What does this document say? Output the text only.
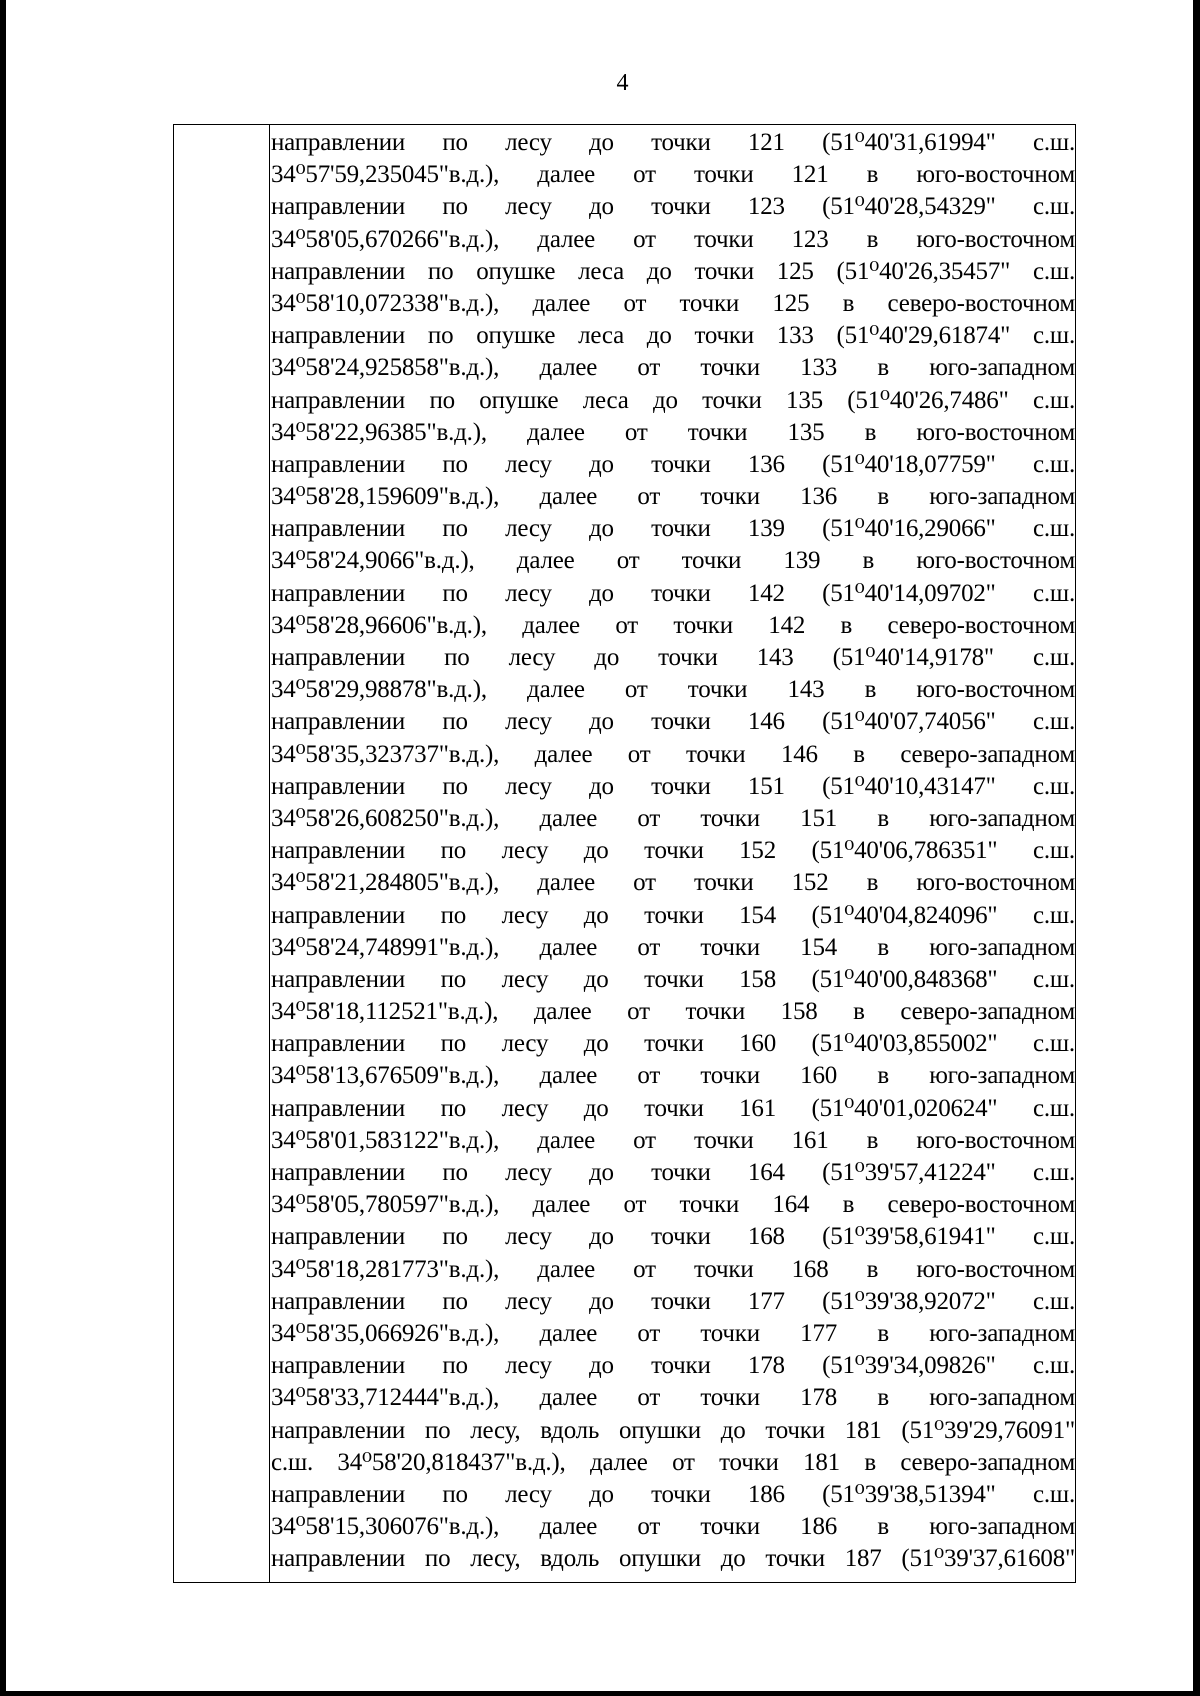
4
направлении по лесу до точки 121 (51⁰40'31,61994" с.ш.
34⁰57'59,235045"в.д.), далее от точки 121 в юго-восточном
направлении по лесу до точки 123 (51⁰40'28,54329" с.ш.
34⁰58'05,670266"в.д.), далее от точки 123 в юго-восточном
направлении по опушке леса до точки 125 (51⁰40'26,35457" с.ш.
34⁰58'10,072338"в.д.), далее от точки 125 в северо-восточном
направлении по опушке леса до точки 133 (51⁰40'29,61874" с.ш.
34⁰58'24,925858"в.д.), далее от точки 133 в юго-западном
направлении по опушке леса до точки 135 (51⁰40'26,7486" с.ш.
34⁰58'22,96385"в.д.), далее от точки 135 в юго-восточном
направлении по лесу до точки 136 (51⁰40'18,07759" с.ш.
34⁰58'28,159609"в.д.), далее от точки 136 в юго-западном
направлении по лесу до точки 139 (51⁰40'16,29066" с.ш.
34⁰58'24,9066"в.д.), далее от точки 139 в юго-восточном
направлении по лесу до точки 142 (51⁰40'14,09702" с.ш.
34⁰58'28,96606"в.д.), далее от точки 142 в северо-восточном
направлении по лесу до точки 143 (51⁰40'14,9178" с.ш.
34⁰58'29,98878"в.д.), далее от точки 143 в юго-восточном
направлении по лесу до точки 146 (51⁰40'07,74056" с.ш.
34⁰58'35,323737"в.д.), далее от точки 146 в северо-западном
направлении по лесу до точки 151 (51⁰40'10,43147" с.ш.
34⁰58'26,608250"в.д.), далее от точки 151 в юго-западном
направлении по лесу до точки 152 (51⁰40'06,786351" с.ш.
34⁰58'21,284805"в.д.), далее от точки 152 в юго-восточном
направлении по лесу до точки 154 (51⁰40'04,824096" с.ш.
34⁰58'24,748991"в.д.), далее от точки 154 в юго-западном
направлении по лесу до точки 158 (51⁰40'00,848368" с.ш.
34⁰58'18,112521"в.д.), далее от точки 158 в северо-западном
направлении по лесу до точки 160 (51⁰40'03,855002" с.ш.
34⁰58'13,676509"в.д.), далее от точки 160 в юго-западном
направлении по лесу до точки 161 (51⁰40'01,020624" с.ш.
34⁰58'01,583122"в.д.), далее от точки 161 в юго-восточном
направлении по лесу до точки 164 (51⁰39'57,41224" с.ш.
34⁰58'05,780597"в.д.), далее от точки 164 в северо-восточном
направлении по лесу до точки 168 (51⁰39'58,61941" с.ш.
34⁰58'18,281773"в.д.), далее от точки 168 в юго-восточном
направлении по лесу до точки 177 (51⁰39'38,92072" с.ш.
34⁰58'35,066926"в.д.), далее от точки 177 в юго-западном
направлении по лесу до точки 178 (51⁰39'34,09826" с.ш.
34⁰58'33,712444"в.д.), далее от точки 178 в юго-западном
направлении по лесу, вдоль опушки до точки 181 (51⁰39'29,76091"
с.ш. 34⁰58'20,818437"в.д.), далее от точки 181 в северо-западном
направлении по лесу до точки 186 (51⁰39'38,51394" с.ш.
34⁰58'15,306076"в.д.), далее от точки 186 в юго-западном
направлении по лесу, вдоль опушки до точки 187 (51⁰39'37,61608"
